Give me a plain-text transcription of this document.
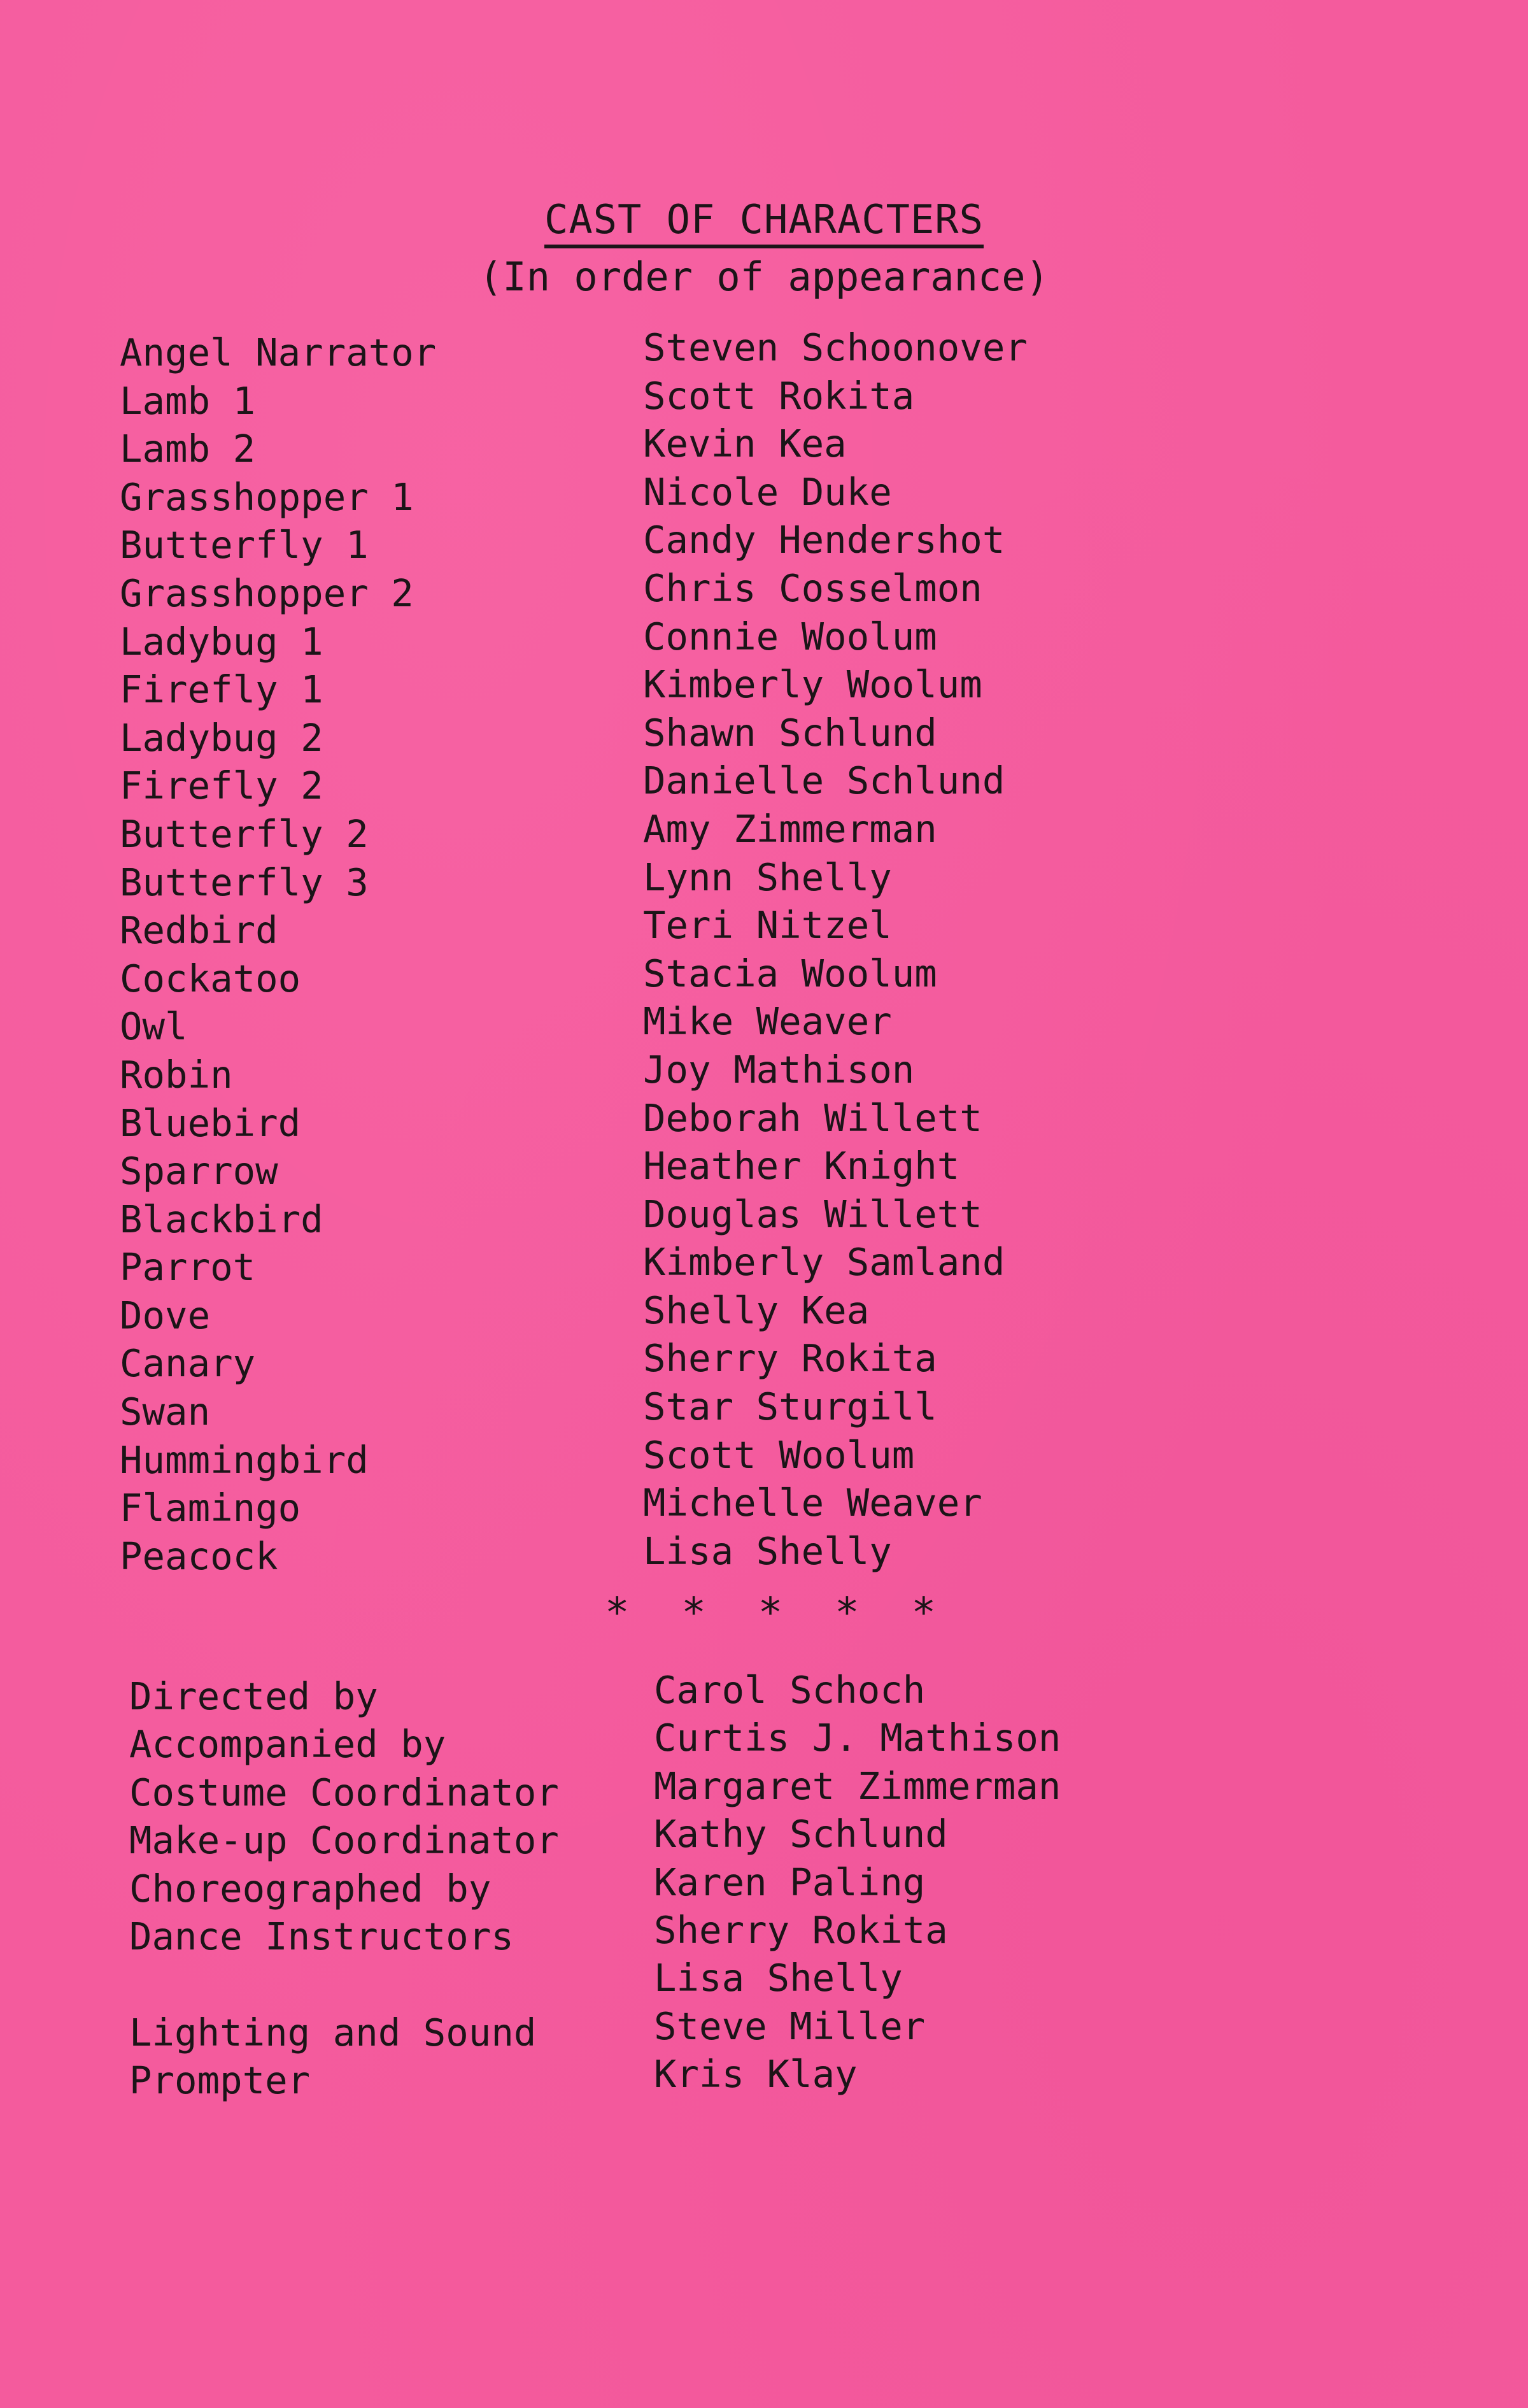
CAST OF CHARACTERS
(In order of appearance)
Angel Narrator
Lamb 1
Lamb 2
Grasshopper 1
Butterfly 1
Grasshopper 2
Ladybug 1
Firefly 1
Ladybug 2
Firefly 2
Butterfly 2
Butterfly 3
Redbird
Cockatoo
Owl
Robin
Bluebird
Sparrow
Blackbird
Parrot
Dove
Canary
Swan
Hummingbird
Flamingo
Peacock
Steven Schoonover
Scott Rokita
Kevin Kea
Nicole Duke
Candy Hendershot
Chris Cosselmon
Connie Woolum
Kimberly Woolum
Shawn Schlund
Danielle Schlund
Amy Zimmerman
Lynn Shelly
Teri Nitzel
Stacia Woolum
Mike Weaver
Joy Mathison
Deborah Willett
Heather Knight
Douglas Willett
Kimberly Samland
Shelly Kea
Sherry Rokita
Star Sturgill
Scott Woolum
Michelle Weaver
Lisa Shelly
* * * * *
Directed by
Accompanied by
Costume Coordinator
Make-up Coordinator
Choreographed by
Dance Instructors
Lighting and Sound
Prompter
Carol Schoch
Curtis J. Mathison
Margaret Zimmerman
Kathy Schlund
Karen Paling
Sherry Rokita
Lisa Shelly
Steve Miller
Kris Klay
